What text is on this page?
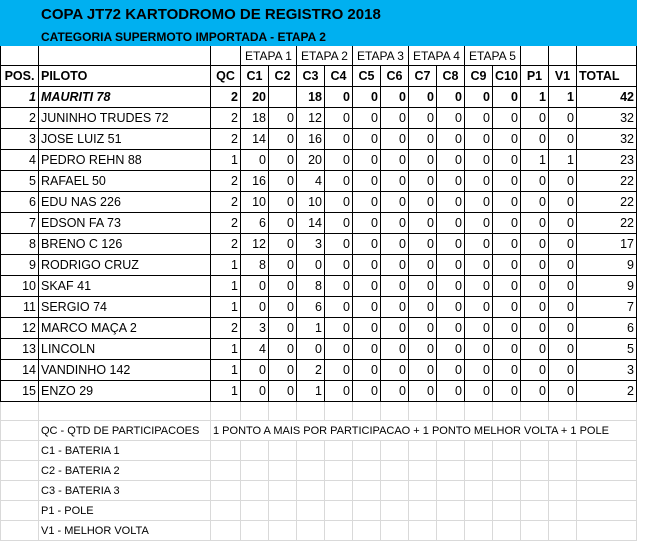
COPA JT72 KARTODROMO DE REGISTRO 2018															
CATEGORIA SUPERMOTO IMPORTADA - ETAPA 2															
			ETAPA 1		ETAPA 2		ETAPA 3		ETAPA 4		ETAPA 5				
POS.	PILOTO	QC	C1	C2	C3	C4	C5	C6	C7	C8	C9	C10	P1	V1	TOTAL
1	MAURITI 78	2	20		18	0	0	0	0	0	0	0	1	1	42
2	JUNINHO TRUDES 72	2	18	0	12	0	0	0	0	0	0	0	0	0	32
3	JOSE LUIZ 51	2	14	0	16	0	0	0	0	0	0	0	0	0	32
4	PEDRO REHN 88	1	0	0	20	0	0	0	0	0	0	0	1	1	23
5	RAFAEL 50	2	16	0	4	0	0	0	0	0	0	0	0	0	22
6	EDU NAS 226	2	10	0	10	0	0	0	0	0	0	0	0	0	22
7	EDSON FA 73	2	6	0	14	0	0	0	0	0	0	0	0	0	22
8	BRENO C 126	2	12	0	3	0	0	0	0	0	0	0	0	0	17
9	RODRIGO CRUZ	1	8	0	0	0	0	0	0	0	0	0	0	0	9
10	SKAF 41	1	0	0	8	0	0	0	0	0	0	0	0	0	9
11	SERGIO 74	1	0	0	6	0	0	0	0	0	0	0	0	0	7
12	MARCO MAÇA 2	2	3	0	1	0	0	0	0	0	0	0	0	0	6
13	LINCOLN	1	4	0	0	0	0	0	0	0	0	0	0	0	5
14	VANDINHO 142	1	0	0	2	0	0	0	0	0	0	0	0	0	3
15	ENZO 29	1	0	0	1	0	0	0	0	0	0	0	0	0	2

	QC - QTD DE PARTICIPACOES	1 PONTO A MAIS POR PARTICIPACAO + 1 PONTO MELHOR VOLTA + 1 POLE													
	C1 - BATERIA 1														
	C2 - BATERIA 2														
	C3 - BATERIA 3														
	P1 - POLE														
	V1 - MELHOR VOLTA														
